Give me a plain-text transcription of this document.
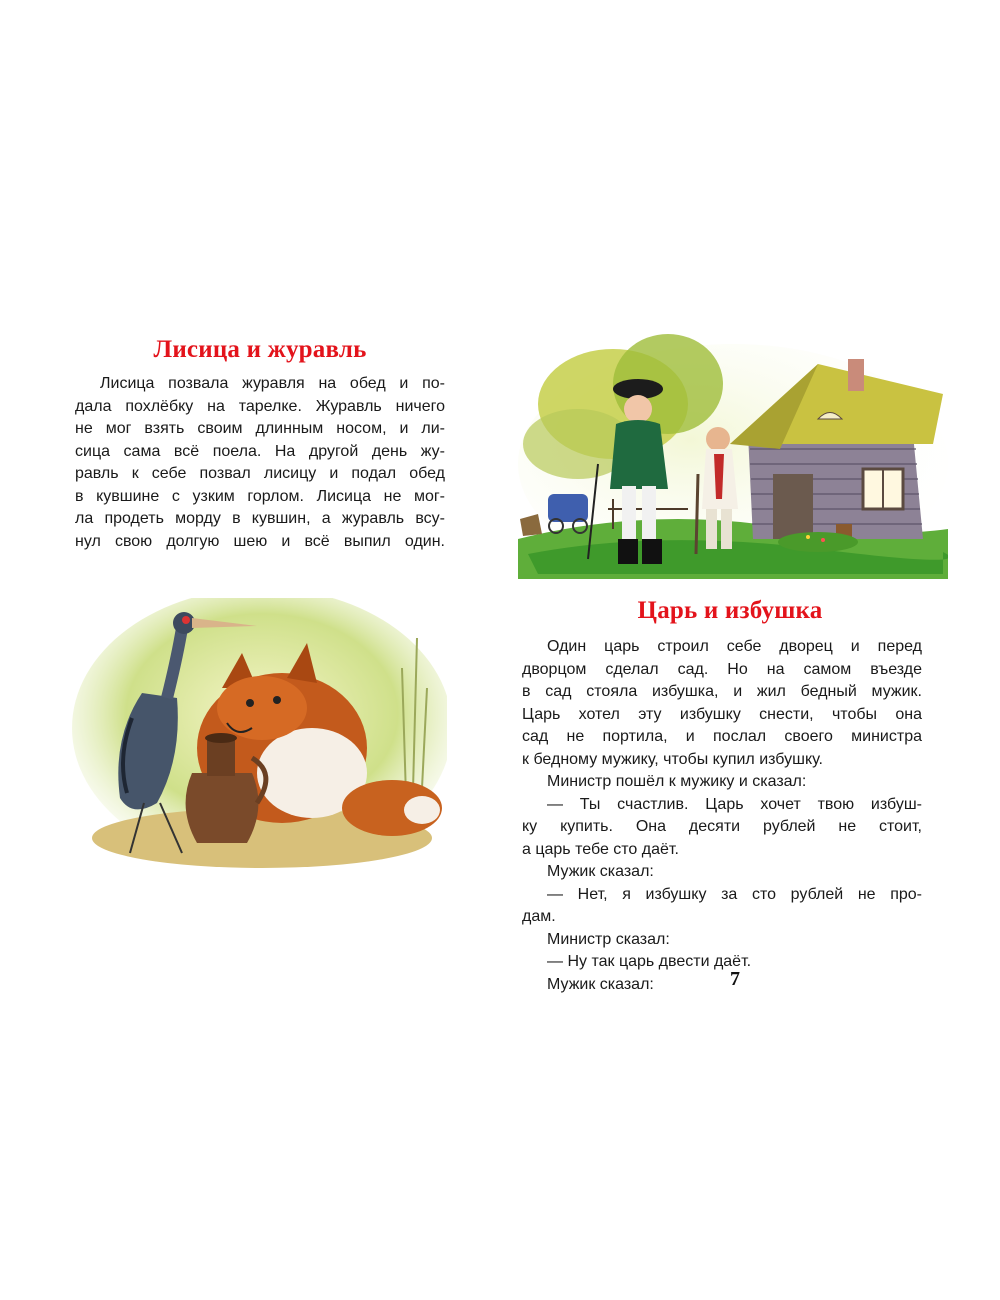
Лисица и журавль
Лисица позвала журавля на обед и по-
дала похлёбку на тарелке. Журавль ничего
не мог взять своим длинным носом, и ли-
сица сама всё поела. На другой день жу-
равль к себе позвал лисицу и подал обед
в кувшине с узким горлом. Лисица не мог-
ла продеть морду в кувшин, а журавль всу-
нул свою долгую шею и всё выпил один.
Царь и избушка
Один царь строил себе дворец и перед
дворцом сделал сад. Но на самом въезде
в сад стояла избушка, и жил бедный мужик.
Царь хотел эту избушку снести, чтобы она
сад не портила, и послал своего министра
к бедному мужику, чтобы купил избушку.
Министр пошёл к мужику и сказал:
— Ты счастлив. Царь хочет твою избуш-
ку купить. Она десяти рублей не стоит,
а царь тебе сто даёт.
Мужик сказал:
— Нет, я избушку за сто рублей не про-
дам.
Министр сказал:
— Ну так царь двести даёт.
Мужик сказал:	7
